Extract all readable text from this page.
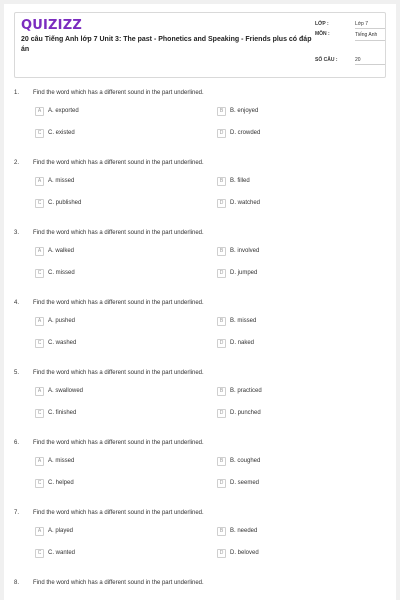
QUIZIZZ
20 câu Tiếng Anh lớp 7 Unit 3: The past - Phonetics and Speaking - Friends plus có đáp án
LỚP :	Lớp 7
MÔN :	Tiếng Anh
SỐ CÂU :	20
1. Find the word which has a different sound in the part underlined.
A	A. exported	B	B. enjoyed
C	C. existed	D	D. crowded
2. Find the word which has a different sound in the part underlined.
A	A. missed	B	B. filled
C	C. published	D	D. watched
3. Find the word which has a different sound in the part underlined.
A	A. walked	B	B. involved
C	C. missed	D	D. jumped
4. Find the word which has a different sound in the part underlined.
A	A. pushed	B	B. missed
C	C. washed	D	D. naked
5. Find the word which has a different sound in the part underlined.
A	A. swallowed	B	B. practiced
C	C. finished	D	D. punched
6. Find the word which has a different sound in the part underlined.
A	A. missed	B	B. coughed
C	C. helped	D	D. seemed
7. Find the word which has a different sound in the part underlined.
A	A. played	B	B. needed
C	C. wanted	D	D. beloved
8. Find the word which has a different sound in the part underlined.
